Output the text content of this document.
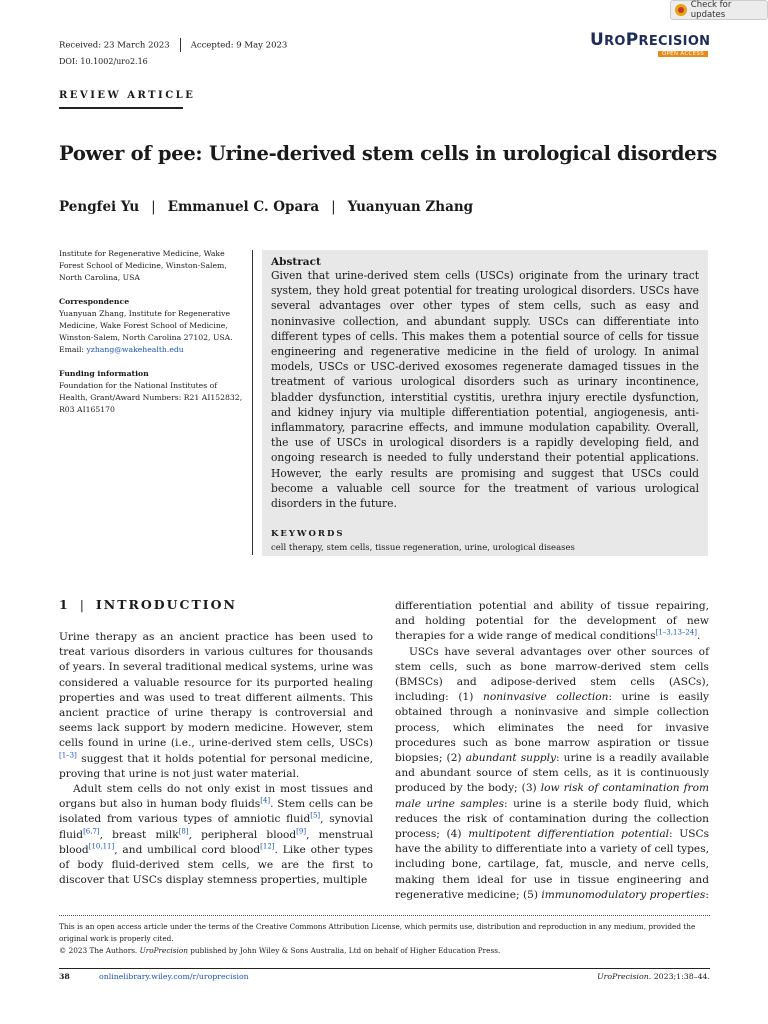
Check for updates
Received: 23 March 2023 Accepted: 9 May 2023
DOI: 10.1002/uro2.16
UROPRECISION
OPEN ACCESS
REVIEW ARTICLE
Power of pee: Urine-derived stem cells in urological disorders
Pengfei Yu | Emmanuel C. Opara | Yuanyuan Zhang

Institute for Regenerative Medicine, Wake Forest School of Medicine, Winston-Salem, North Carolina, USA

Correspondence

Yuanyuan Zhang, Institute for Regenerative Medicine, Wake Forest School of Medicine, Winston-Salem, North Carolina 27102, USA.
Email: yzhang@wakehealth.edu

Funding information

Foundation for the National Institutes of Health, Grant/Award Numbers: R21 AI152832, R03 AI165170

Abstract

Given that urine-derived stem cells (USCs) originate from the urinary tract system, they hold great potential for treating urological disorders. USCs have several advantages over other types of stem cells, such as easy and noninvasive collection, and abundant supply. USCs can differentiate into different types of cells. This makes them a potential source of cells for tissue engineering and regenerative medicine in the field of urology. In animal models, USCs or USC-derived exosomes regenerate damaged tissues in the treatment of various urological disorders such as urinary incontinence, bladder dysfunction, interstitial cystitis, urethra injury erectile dysfunction, and kidney injury via multiple differentiation potential, angiogenesis, anti-inflammatory, paracrine effects, and immune modulation capability. Overall, the use of USCs in urological disorders is a rapidly developing field, and ongoing research is needed to fully understand their potential applications. However, the early results are promising and suggest that USCs could become a valuable cell source for the treatment of various urological disorders in the future.

KEYWORDS
cell therapy, stem cells, tissue regeneration, urine, urological diseases
1 | INTRODUCTION

Urine therapy as an ancient practice has been used to treat various disorders in various cultures for thousands of years. In several traditional medical systems, urine was considered a valuable resource for its purported healing properties and was used to treat different ailments. This ancient practice of urine therapy is controversial and seems lack support by modern medicine. However, stem cells found in urine (i.e., urine-derived stem cells, USCs)[1–3] suggest that it holds potential for personal medicine, proving that urine is not just water material.

Adult stem cells do not only exist in most tissues and organs but also in human body fluids[4]. Stem cells can be isolated from various types of amniotic fluid[5], synovial fluid[6,7], breast milk[8], peripheral blood[9], menstrual blood[10,11], and umbilical cord blood[12]. Like other types of body fluid-derived stem cells, we are the first to discover that USCs display stemness properties, multiple

differentiation potential and ability of tissue repairing, and holding potential for the development of new therapies for a wide range of medical conditions[1–3,13–24].

USCs have several advantages over other sources of stem cells, such as bone marrow-derived stem cells (BMSCs) and adipose-derived stem cells (ASCs), including: (1) noninvasive collection: urine is easily obtained through a noninvasive and simple collection process, which eliminates the need for invasive procedures such as bone marrow aspiration or tissue biopsies; (2) abundant supply: urine is a readily available and abundant source of stem cells, as it is continuously produced by the body; (3) low risk of contamination from male urine samples: urine is a sterile body fluid, which reduces the risk of contamination during the collection process; (4) multipotent differentiation potential: USCs have the ability to differentiate into a variety of cell types, including bone, cartilage, fat, muscle, and nerve cells, making them ideal for use in tissue engineering and regenerative medicine; (5) immunomodulatory properties:

This is an open access article under the terms of the Creative Commons Attribution License, which permits use, distribution and reproduction in any medium, provided the original work is properly cited.

© 2023 The Authors. UroPrecision published by John Wiley & Sons Australia, Ltd on behalf of Higher Education Press.

38	onlinelibrary.wiley.com/r/uroprecision	UroPrecision. 2023;1:38–44.
